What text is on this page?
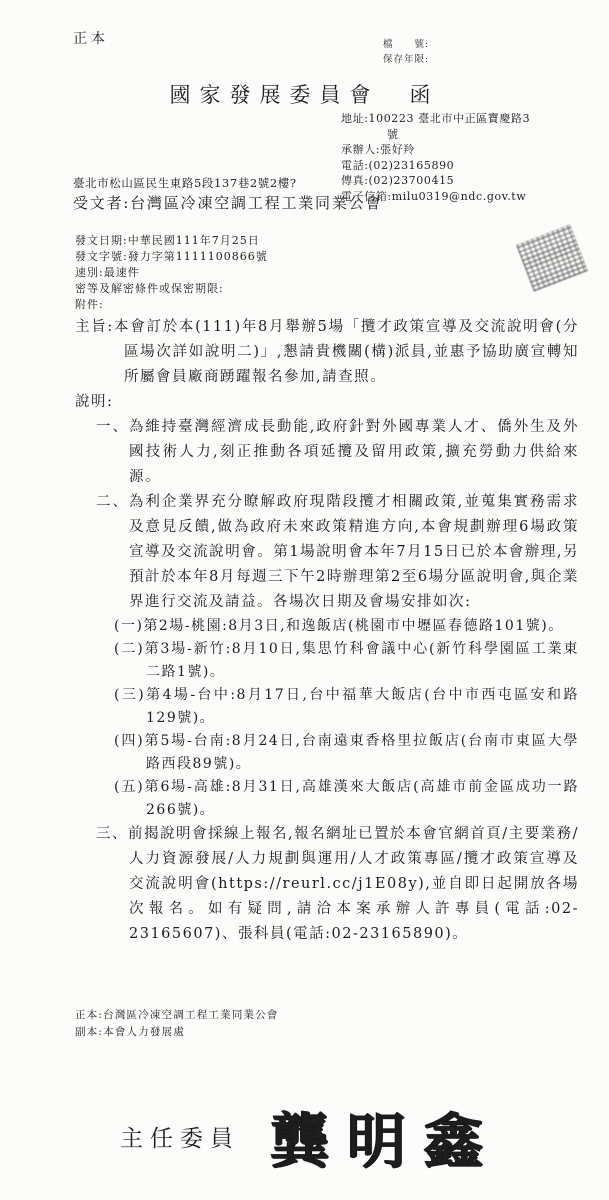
正本	檔　　號:
保存年限:
國家發展委員會　函
地址:100223 臺北市中正區寶慶路3
號
承辦人:張好羚
電話:(02)23165890
傳真:(02)23700415
電子信箱:milu0319@ndc.gov.tw
臺北市松山區民生東路5段137巷2號2樓?
受文者:台灣區冷凍空調工程工業同業公會
發文日期:中華民國111年7月25日
發文字號:發力字第1111100866號
速別:最速件
密等及解密條件或保密期限:
附件:

主旨:本會訂於本(111)年8月舉辦5場「攬才政策宣導及交流說明會(分區場次詳如說明二)」,懇請貴機關(構)派員,並惠予協助廣宣轉知所屬會員廠商踴躍報名參加,請查照。

說明:

一、為維持臺灣經濟成長動能,政府針對外國專業人才、僑外生及外國技術人力,刻正推動各項延攬及留用政策,擴充勞動力供給來源。

二、為利企業界充分瞭解政府現階段攬才相關政策,並蒐集實務需求及意見反饋,做為政府未來政策精進方向,本會規劃辦理6場政策宣導及交流說明會。第1場說明會本年7月15日已於本會辦理,另預計於本年8月每週三下午2時辦理第2至6場分區說明會,與企業界進行交流及請益。各場次日期及會場安排如次:

(一)第2場-桃園:8月3日,和逸飯店(桃園市中壢區春德路101號)。

(二)第3場-新竹:8月10日,集思竹科會議中心(新竹科學園區工業東二路1號)。

(三)第4場-台中:8月17日,台中福華大飯店(台中市西屯區安和路129號)。

(四)第5場-台南:8月24日,台南遠東香格里拉飯店(台南市東區大學路西段89號)。

(五)第6場-高雄:8月31日,高雄漢來大飯店(高雄市前金區成功一路266號)。

三、前揭說明會採線上報名,報名網址已置於本會官網首頁/主要業務/人力資源發展/人力規劃與運用/人才政策專區/攬才政策宣導及交流說明會(https://reurl.cc/j1E08y),並自即日起開放各場次報名。如有疑問,請洽本案承辦人許專員(電話:02-23165607)、張科員(電話:02-23165890)。

正本:台灣區冷凍空調工程工業同業公會
副本:本會人力發展處
主任委員 龔明鑫
